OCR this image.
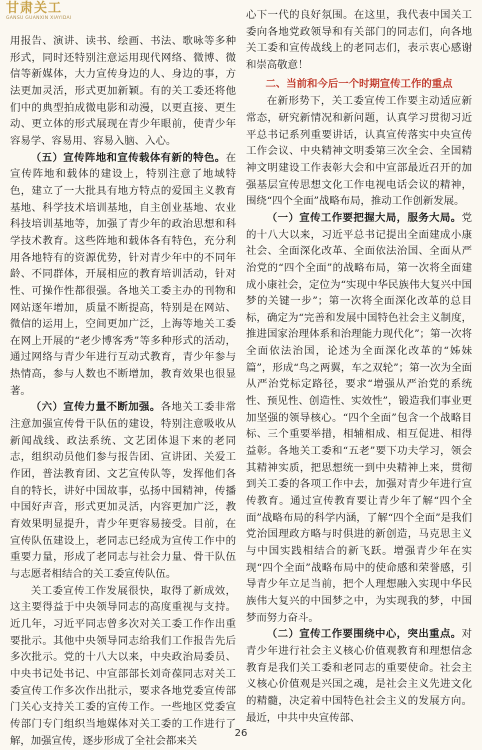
甘肃关工
GANSU GUANXIN XIAYIDAI

用报告、演讲、读书、绘画、书法、歌咏等多种形式，同时还特别注意运用现代网络、微博、微信等新媒体，大力宣传身边的人、身边的事，方法更加灵活，形式更加新颖。有的关工委还将他们中的典型拍成微电影和动漫，以更直接、更生动、更立体的形式展现在青少年眼前，使青少年容易学、容易用、容易入脑、入心。

（五）宣传阵地和宣传载体有新的特色。在宣传阵地和载体的建设上，特别注意了地域特色，建立了一大批具有地方特点的爱国主义教育基地、科学技术培训基地，自主创业基地、农业科技培训基地等，加强了青少年的政治思想和科学技术教育。这些阵地和载体各有特色，充分利用各地特有的资源优势，针对青少年中的不同年龄、不同群体，开展相应的教育培训活动，针对性、可操作性都很强。各地关工委主办的刊物和网站逐年增加，质量不断提高，特别是在网站、微信的运用上，空间更加广泛，上海等地关工委在网上开展的“老少博客秀”等多种形式的活动，通过网络与青少年进行互动式教育，青少年参与热情高，参与人数也不断增加，教育效果也很显著。

（六）宣传力量不断加强。各地关工委非常注意加强宣传骨干队伍的建设，特别注意吸收从新闻战线、政法系统、文艺团体退下来的老同志，组织动员他们参与报告团、宣讲团、关爱工作团，普法教育团、文艺宣传队等，发挥他们各自的特长，讲好中国故事，弘扬中国精神，传播中国好声音，形式更加灵活，内容更加广泛，教育效果明显提升，青少年更容易接受。目前，在宣传队伍建设上，老同志已经成为宣传工作中的重要力量，形成了老同志与社会力量、骨干队伍与志愿者相结合的关工委宣传队伍。

关工委宣传工作发展很快，取得了新成效，这主要得益于中央领导同志的高度重视与支持。近几年，习近平同志曾多次对关工委工作作出重要批示。其他中央领导同志给我们工作报告先后多次批示。党的十八大以来，中央政治局委员、中央书记处书记、中宣部部长刘奇葆同志对关工委宣传工作多次作出批示，要求各地党委宣传部门关心支持关工委的宣传工作。一些地区党委宣传部门专门组织当地媒体对关工委的工作进行了解，加强宣传，逐步形成了全社会都来关

心下一代的良好氛围。在这里，我代表中国关工委向各地党政领导和有关部门的同志们，向各地关工委和宣传战线上的老同志们，表示衷心感谢和崇高敬意！

二、当前和今后一个时期宣传工作的重点

在新形势下，关工委宣传工作要主动适应新常态，研究新情况和新问题，认真学习贯彻习近平总书记系列重要讲话，认真宣传落实中央宣传工作会议、中央精神文明委第三次全会、全国精神文明建设工作表彰大会和中宣部最近召开的加强基层宣传思想文化工作电视电话会议的精神，围绕“四个全面”战略布局，推动工作创新发展。

（一）宣传工作要把握大局，服务大局。党的十八大以来，习近平总书记提出全面建成小康社会、全面深化改革、全面依法治国、全面从严治党的“四个全面”的战略布局，第一次将全面建成小康社会，定位为“实现中华民族伟大复兴中国梦的关键一步”；第一次将全面深化改革的总目标，确定为“完善和发展中国特色社会主义制度，推进国家治理体系和治理能力现代化”；第一次将全面依法治国，论述为全面深化改革的“姊妹篇”，形成“鸟之两翼，车之双轮”；第一次为全面从严治党标定路径，要求“增强从严治党的系统性、预见性、创造性、实效性”，锻造我们事业更加坚强的领导核心。“四个全面”包含一个战略目标、三个重要举措，相辅相成、相互促进、相得益彰。各地关工委和“五老”要下功夫学习，领会其精神实质，把思想统一到中央精神上来，贯彻到关工委的各项工作中去，加强对青少年进行宣传教育。通过宣传教育要让青少年了解“四个全面”战略布局的科学内涵，了解“四个全面”是我们党治国理政方略与时俱进的新创造，马克思主义与中国实践相结合的新飞跃。增强青少年在实现“四个全面”战略布局中的使命感和荣誉感，引导青少年立足当前，把个人理想融入实现中华民族伟大复兴的中国梦之中，为实现我的梦，中国梦而努力奋斗。

（二）宣传工作要围绕中心，突出重点。对青少年进行社会主义核心价值观教育和理想信念教育是我们关工委和老同志的重要使命。社会主义核心价值观是兴国之魂，是社会主义先进文化的精髓，决定着中国特色社会主义的发展方向。最近，中共中央宣传部、

26
